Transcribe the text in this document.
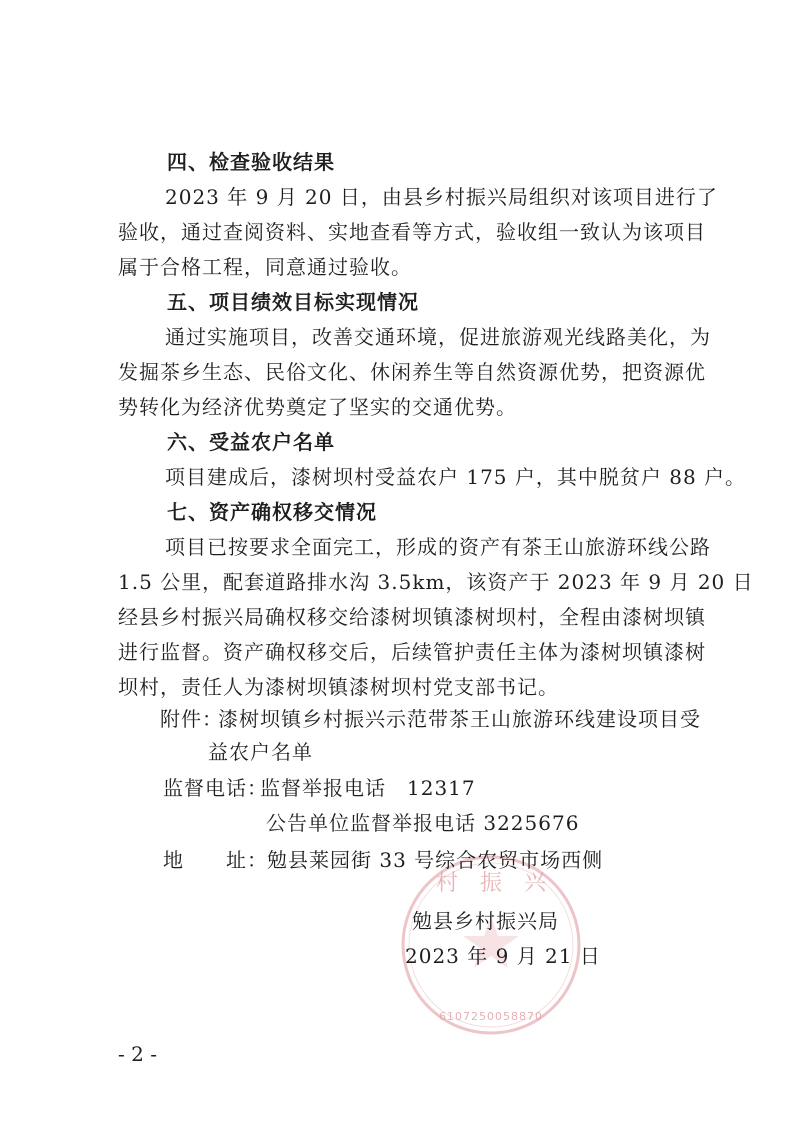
村　振　兴
6107250058870
四、检查验收结果
2023 年 9 月 20 日，由县乡村振兴局组织对该项目进行了
验收，通过查阅资料、实地查看等方式，验收组一致认为该项目
属于合格工程，同意通过验收。
五、项目绩效目标实现情况
通过实施项目，改善交通环境，促进旅游观光线路美化，为
发掘茶乡生态、民俗文化、休闲养生等自然资源优势，把资源优
势转化为经济优势奠定了坚实的交通优势。
六、受益农户名单
项目建成后，漆树坝村受益农户 175 户，其中脱贫户 88 户。
七、资产确权移交情况
项目已按要求全面完工，形成的资产有茶王山旅游环线公路
1.5 公里，配套道路排水沟 3.5km，该资产于 2023 年 9 月 20 日
经县乡村振兴局确权移交给漆树坝镇漆树坝村，全程由漆树坝镇
进行监督。资产确权移交后，后续管护责任主体为漆树坝镇漆树
坝村，责任人为漆树坝镇漆树坝村党支部书记。
附件：
漆树坝镇乡村振兴示范带茶王山旅游环线建设项目受
益农户名单
监督电话：
监督举报电话　12317
公告单位监督举报电话 3225676
地　　址： 勉县莱园街 33 号综合农贸市场西侧
勉县乡村振兴局
2023 年 9 月 21 日
- 2 -
